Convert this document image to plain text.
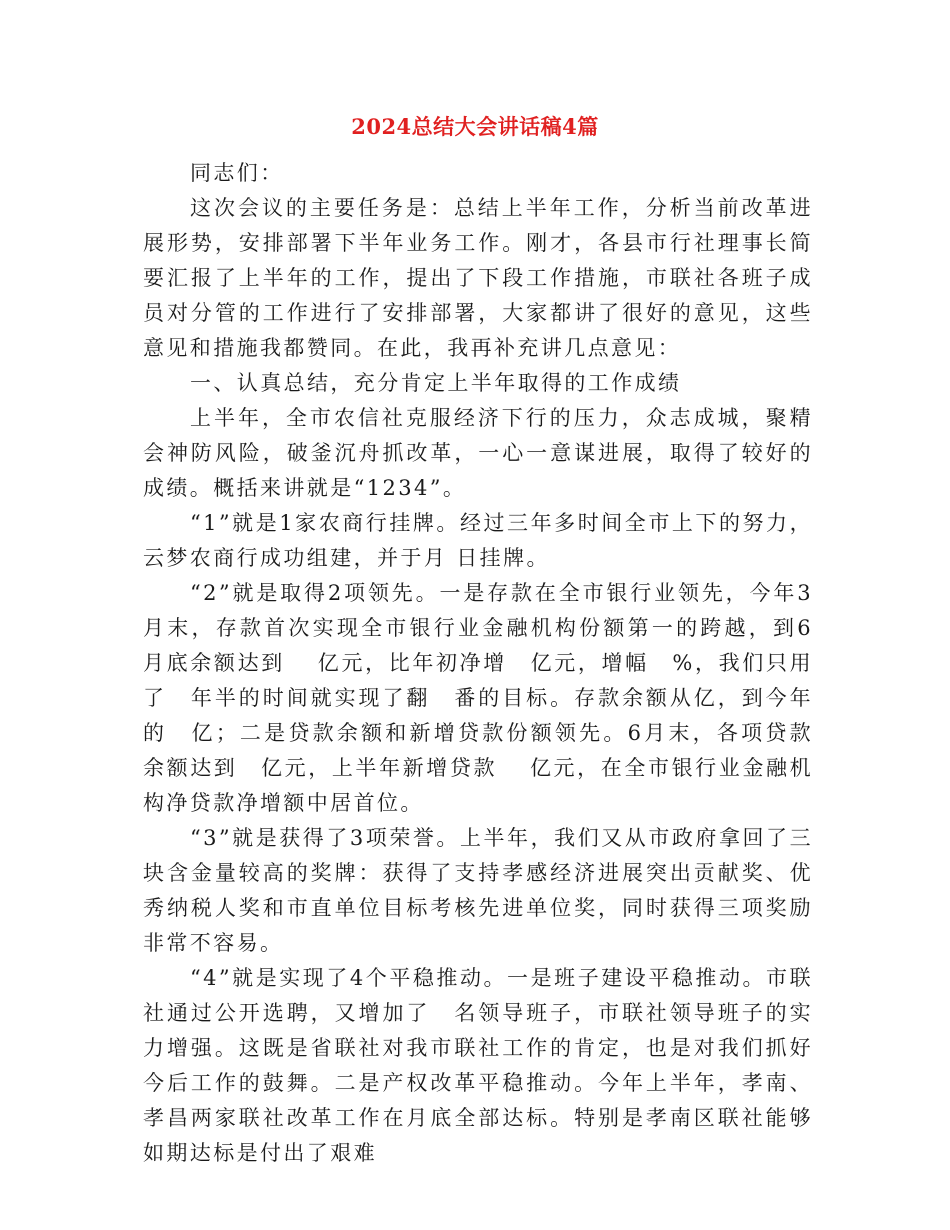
2024总结大会讲话稿4篇

同志们：

这次会议的主要任务是：总结上半年工作，分析当前改革进展形势，安排部署下半年业务工作。刚才，各县市行社理事长简要汇报了上半年的工作，提出了下段工作措施，市联社各班子成员对分管的工作进行了安排部署，大家都讲了很好的意见，这些意见和措施我都赞同。在此，我再补充讲几点意见：

一、认真总结，充分肯定上半年取得的工作成绩

上半年，全市农信社克服经济下行的压力，众志成城，聚精会神防风险，破釜沉舟抓改革，一心一意谋进展，取得了较好的成绩。概括来讲就是“1234”。

“1”就是1家农商行挂牌。经过三年多时间全市上下的努力，云梦农商行成功组建，并于月 日挂牌。

“2”就是取得2项领先。一是存款在全市银行业领先，今年3月末，存款首次实现全市银行业金融机构份额第一的跨越，到6月底余额达到　 亿元，比年初净增　亿元，增幅　%，我们只用了　年半的时间就实现了翻　番的目标。存款余额从亿，到今年的　亿；二是贷款余额和新增贷款份额领先。6月末，各项贷款余额达到　亿元，上半年新增贷款　 亿元，在全市银行业金融机构净贷款净增额中居首位。

“3”就是获得了3项荣誉。上半年，我们又从市政府拿回了三块含金量较高的奖牌：获得了支持孝感经济进展突出贡献奖、优秀纳税人奖和市直单位目标考核先进单位奖，同时获得三项奖励非常不容易。

“4”就是实现了4个平稳推动。一是班子建设平稳推动。市联社通过公开选聘，又增加了　名领导班子，市联社领导班子的实力增强。这既是省联社对我市联社工作的肯定，也是对我们抓好今后工作的鼓舞。二是产权改革平稳推动。今年上半年，孝南、孝昌两家联社改革工作在月底全部达标。特别是孝南区联社能够如期达标是付出了艰难
